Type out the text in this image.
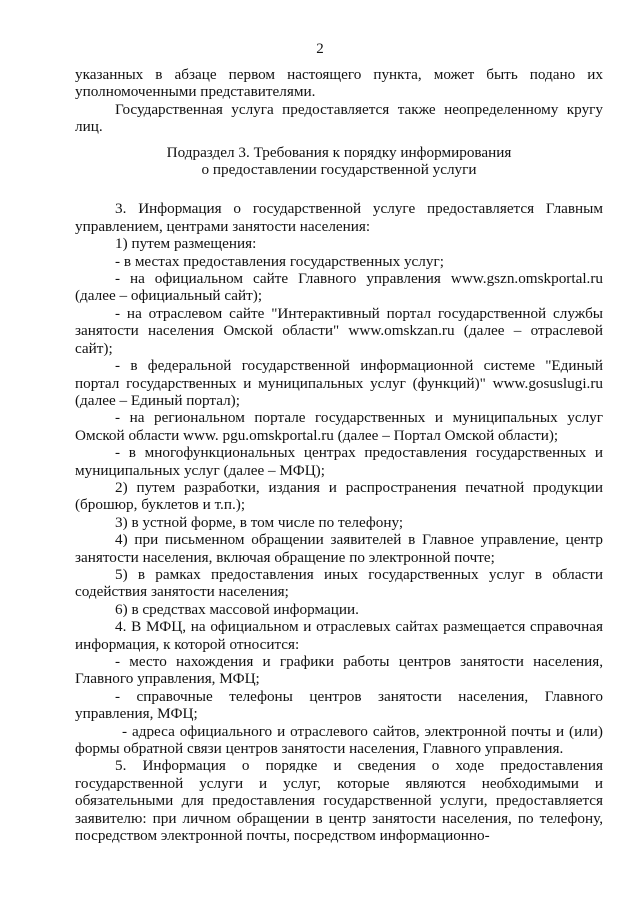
2

указанных в абзаце первом настоящего пункта, может быть подано их уполномоченными представителями.

Государственная услуга предоставляется также неопределенному кругу лиц.

Подраздел 3. Требования к порядку информирования

о предоставлении государственной услуги

3. Информация о государственной услуге предоставляется Главным управлением, центрами занятости населения:

1) путем размещения:

- в местах предоставления государственных услуг;

- на официальном сайте Главного управления www.gszn.omskportal.ru (далее – официальный сайт);

- на отраслевом сайте "Интерактивный портал государственной службы занятости населения Омской области" www.omskzan.ru (далее – отраслевой сайт);

- в федеральной государственной информационной системе "Единый портал государственных и муниципальных услуг (функций)" www.gosuslugi.ru (далее – Единый портал);

- на региональном портале государственных и муниципальных услуг Омской области www. pgu.omskportal.ru (далее – Портал Омской области);

- в многофункциональных центрах предоставления государственных и муниципальных услуг (далее – МФЦ);

2) путем разработки, издания и распространения печатной продукции (брошюр, буклетов и т.п.);

3) в устной форме, в том числе по телефону;

4) при письменном обращении заявителей в Главное управление, центр занятости населения, включая обращение по электронной почте;

5) в рамках предоставления иных государственных услуг в области содействия занятости населения;

6) в средствах массовой информации.

4. В МФЦ, на официальном и отраслевых сайтах размещается справочная информация, к которой относится:

- место нахождения и графики работы центров занятости населения, Главного управления, МФЦ;

- справочные телефоны центров занятости населения, Главного управления, МФЦ;

- адреса официального и отраслевого сайтов, электронной почты и (или) формы обратной связи центров занятости населения, Главного управления.

5. Информация о порядке и сведения о ходе предоставления государственной услуги и услуг, которые являются необходимыми и обязательными для предоставления государственной услуги, предоставляется заявителю: при личном обращении в центр занятости населения, по телефону, посредством электронной почты, посредством информационно-
